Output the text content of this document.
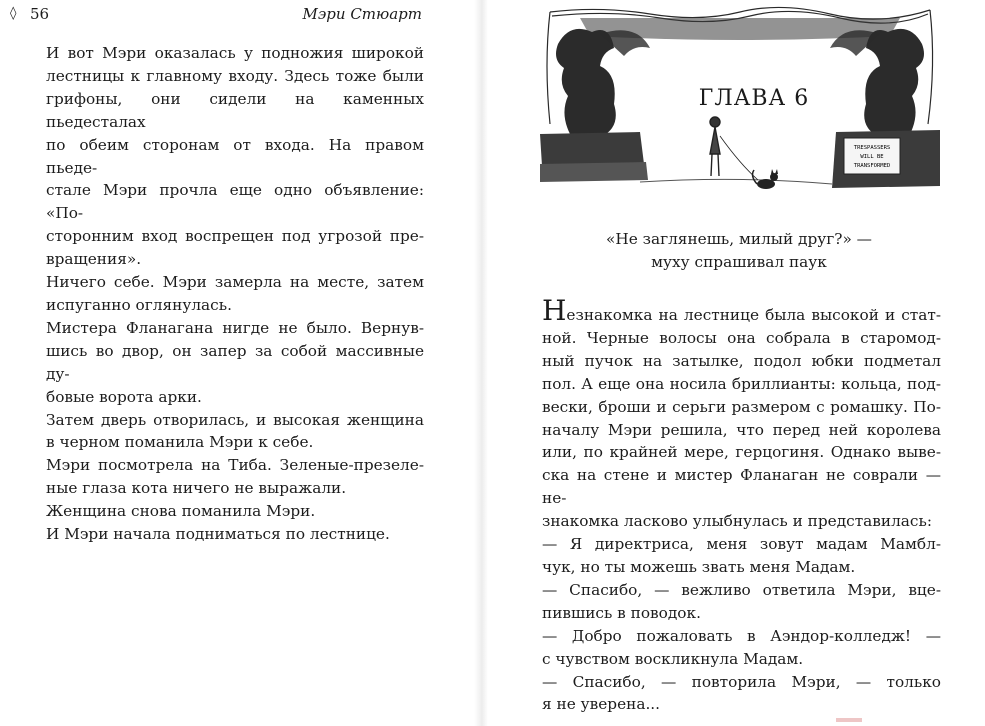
◊ 56	Мэри Стюарт

И вот Мэри оказалась у подножия широкой

лестницы к главному входу. Здесь тоже были

грифоны, они сидели на каменных пьедесталах

по обеим сторонам от входа. На правом пьеде-

стале Мэри прочла еще одно объявление: «По-

сторонним вход воспрещен под угрозой пре-

вращения».

Ничего себе. Мэри замерла на месте, затем

испуганно оглянулась.

Мистера Фланагана нигде не было. Вернув-

шись во двор, он запер за собой массивные ду-

бовые ворота арки.

Затем дверь отворилась, и высокая женщина

в черном поманила Мэри к себе.

Мэри посмотрела на Тиба. Зеленые-презеле-

ные глаза кота ничего не выражали.

Женщина снова поманила Мэри.

И Мэри начала подниматься по лестнице.

TRESPASSERS
WILL BE
TRANSFORMED
ГЛАВА 6
«Не заглянешь, милый друг?» —
муху спрашивал паук

Незнакомка на лестнице была высокой и стат-

ной. Черные волосы она собрала в старомод-

ный пучок на затылке, подол юбки подметал

пол. А еще она носила бриллианты: кольца, под-

вески, броши и серьги размером с ромашку. По-

началу Мэри решила, что перед ней королева

или, по крайней мере, герцогиня. Однако выве-

ска на стене и мистер Фланаган не соврали — не-

знакомка ласково улыбнулась и представилась:

— Я директриса, меня зовут мадам Мамбл-

чук, но ты можешь звать меня Мадам.

— Спасибо, — вежливо ответила Мэри, вце-

пившись в поводок.

— Добро пожаловать в Аэндор-колледж! —

с чувством воскликнула Мадам.

— Спасибо, — повторила Мэри, — только

я не уверена...
